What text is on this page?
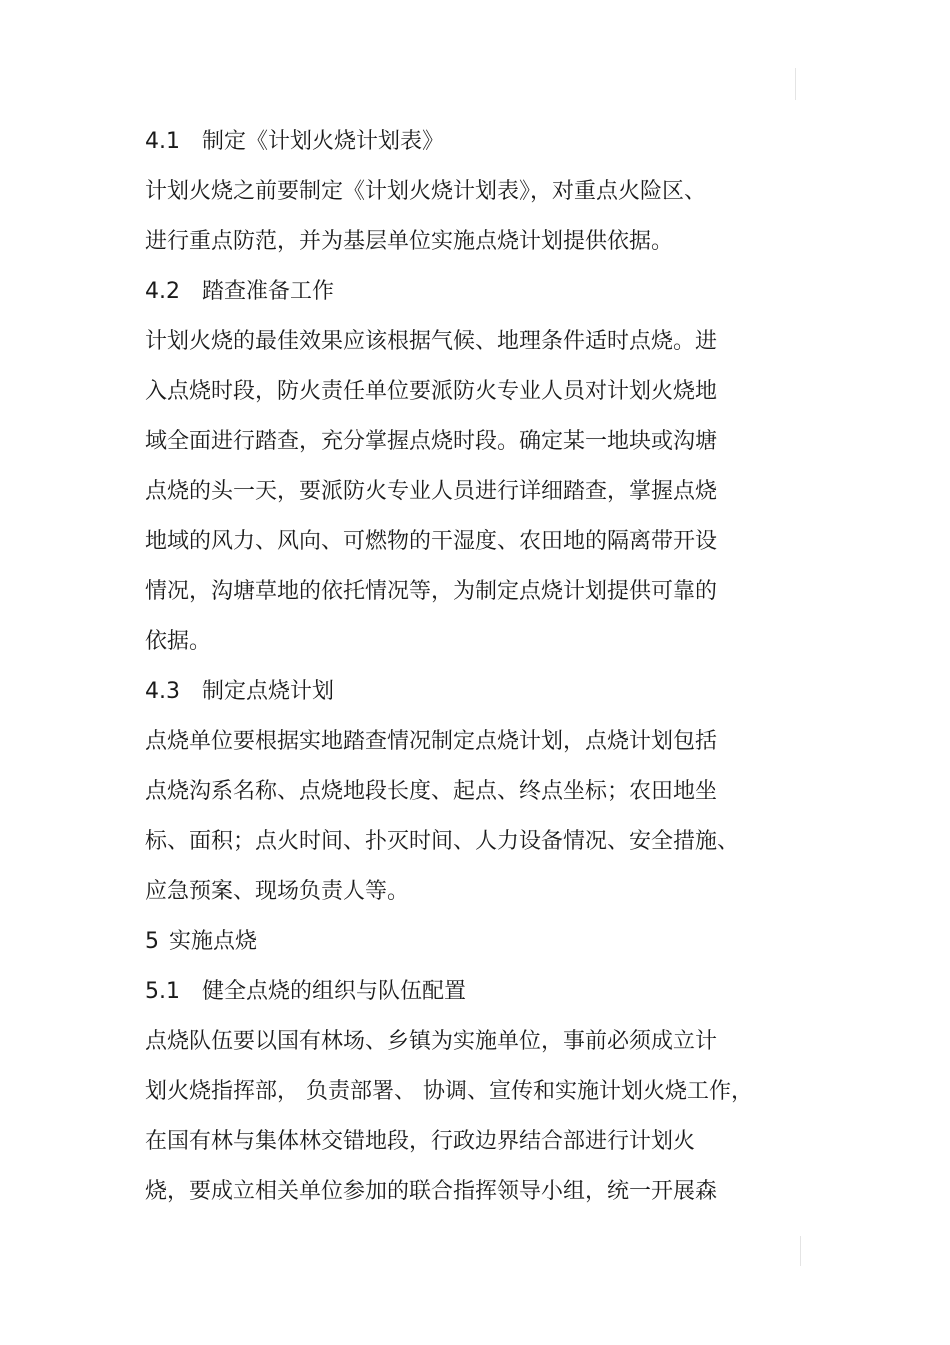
4.1 制定《计划火烧计划表》
计划火烧之前要制定《计划火烧计划表》，对重点火险区、
进行重点防范，并为基层单位实施点烧计划提供依据。
4.2 踏查准备工作
计划火烧的最佳效果应该根据气候、地理条件适时点烧。进
入点烧时段，防火责任单位要派防火专业人员对计划火烧地
域全面进行踏查，充分掌握点烧时段。确定某一地块或沟塘
点烧的头一天，要派防火专业人员进行详细踏查，掌握点烧
地域的风力、风向、可燃物的干湿度、农田地的隔离带开设
情况，沟塘草地的依托情况等，为制定点烧计划提供可靠的
依据。
4.3 制定点烧计划
点烧单位要根据实地踏查情况制定点烧计划，点烧计划包括
点烧沟系名称、点烧地段长度、起点、终点坐标；农田地坐
标、面积；点火时间、扑灭时间、人力设备情况、安全措施、
应急预案、现场负责人等。
5 实施点烧
5.1 健全点烧的组织与队伍配置
点烧队伍要以国有林场、乡镇为实施单位，事前必须成立计
划火烧指挥部， 负责部署、 协调、宣传和实施计划火烧工作，
在国有林与集体林交错地段，行政边界结合部进行计划火
烧，要成立相关单位参加的联合指挥领导小组，统一开展森
